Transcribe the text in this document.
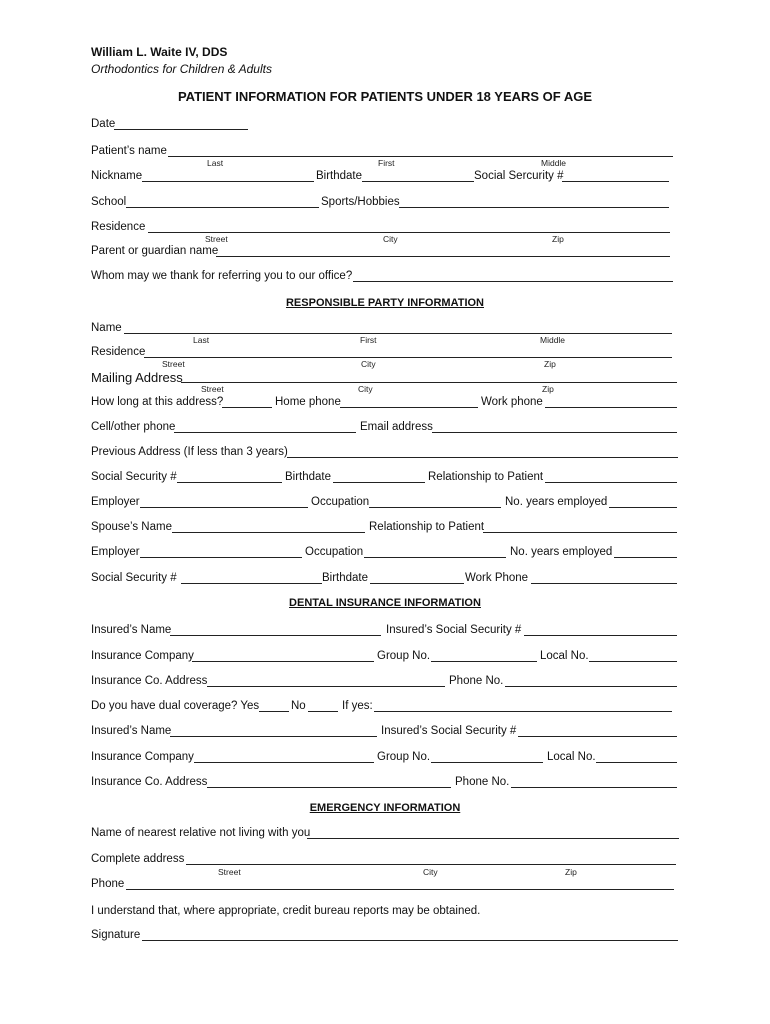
William L. Waite IV, DDS
Orthodontics for Children & Adults
PATIENT INFORMATION FOR PATIENTS UNDER 18 YEARS OF AGE
Date
Patient’s name
Last	First	Middle
Nickname	Birthdate	Social Sercurity #
School	Sports/Hobbies
Residence
Street	City	Zip
Parent or guardian name
Whom may we thank for referring you to our office?
RESPONSIBLE PARTY INFORMATION
Name
Last	First	Middle
Residence
Street	City	Zip
Mailing Address
Street	City	Zip
How long at this address?	Home phone	Work phone
Cell/other phone	Email address
Previous Address (If less than 3 years)
Social Security #	Birthdate	Relationship to Patient
Employer	Occupation	No. years employed
Spouse’s Name	Relationship to Patient
Employer	Occupation	No. years employed
Social Security #	Birthdate	Work Phone
DENTAL INSURANCE INFORMATION
Insured’s Name	Insured’s Social Security #
Insurance Company	Group No.	Local No.
Insurance Co. Address	Phone No.
Do you have dual coverage? Yes	No	If yes:
Insured’s Name	Insured’s Social Security #
Insurance Company	Group No.	Local No.
Insurance Co. Address	Phone No.
EMERGENCY INFORMATION
Name of nearest relative not living with you
Complete address
Street	City	Zip
Phone
I understand that, where appropriate, credit bureau reports may be obtained.
Signature
